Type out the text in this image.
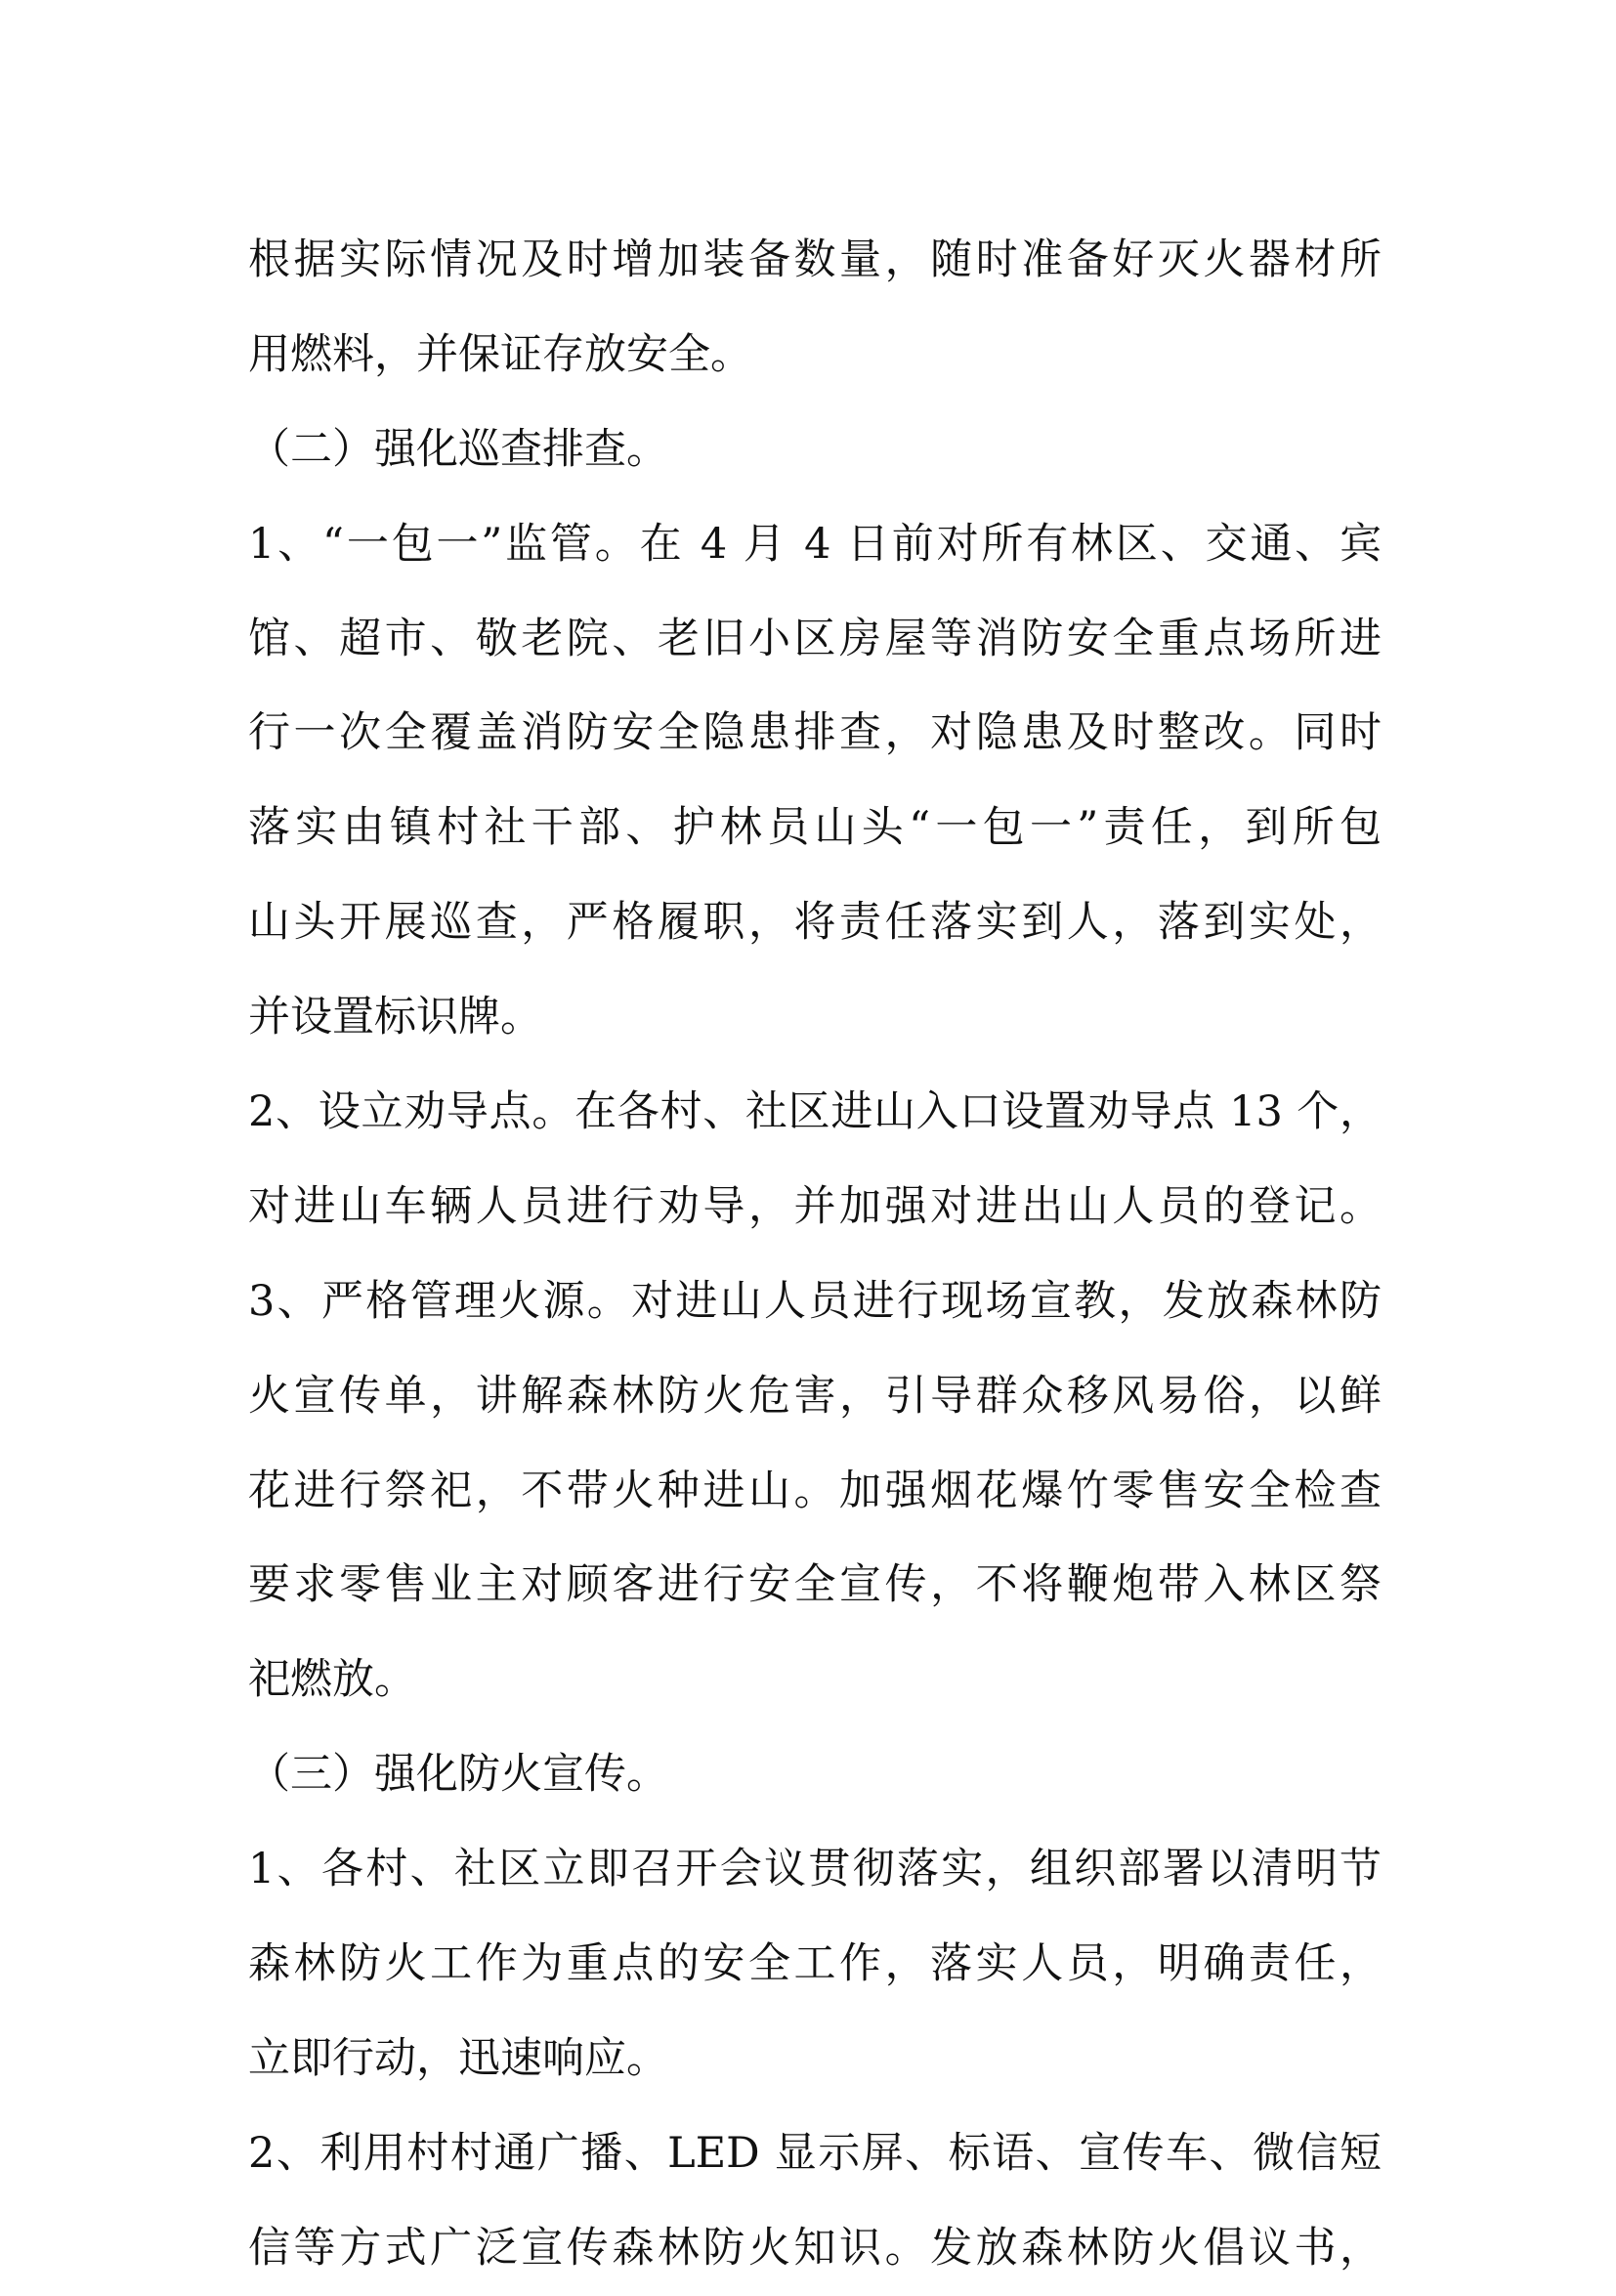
根据实际情况及时增加装备数量，随时准备好灭火器材所
用燃料，并保证存放安全。
（二）强化巡查排查。
1、“一包一”监管。在 4 月 4 日前对所有林区、交通、宾
馆、超市、敬老院、老旧小区房屋等消防安全重点场所进
行一次全覆盖消防安全隐患排查，对隐患及时整改。同时
落实由镇村社干部、护林员山头“一包一”责任，到所包
山头开展巡查，严格履职，将责任落实到人，落到实处，
并设置标识牌。
2、设立劝导点。在各村、社区进山入口设置劝导点 13 个，
对进山车辆人员进行劝导，并加强对进出山人员的登记。
3、严格管理火源。对进山人员进行现场宣教，发放森林防
火宣传单，讲解森林防火危害，引导群众移风易俗，以鲜
花进行祭祀，不带火种进山。加强烟花爆竹零售安全检查
要求零售业主对顾客进行安全宣传，不将鞭炮带入林区祭
祀燃放。
（三）强化防火宣传。
1、各村、社区立即召开会议贯彻落实，组织部署以清明节
森林防火工作为重点的安全工作，落实人员，明确责任，
立即行动，迅速响应。
2、利用村村通广播、LED 显示屏、标语、宣传车、微信短
信等方式广泛宣传森林防火知识。发放森林防火倡议书，
